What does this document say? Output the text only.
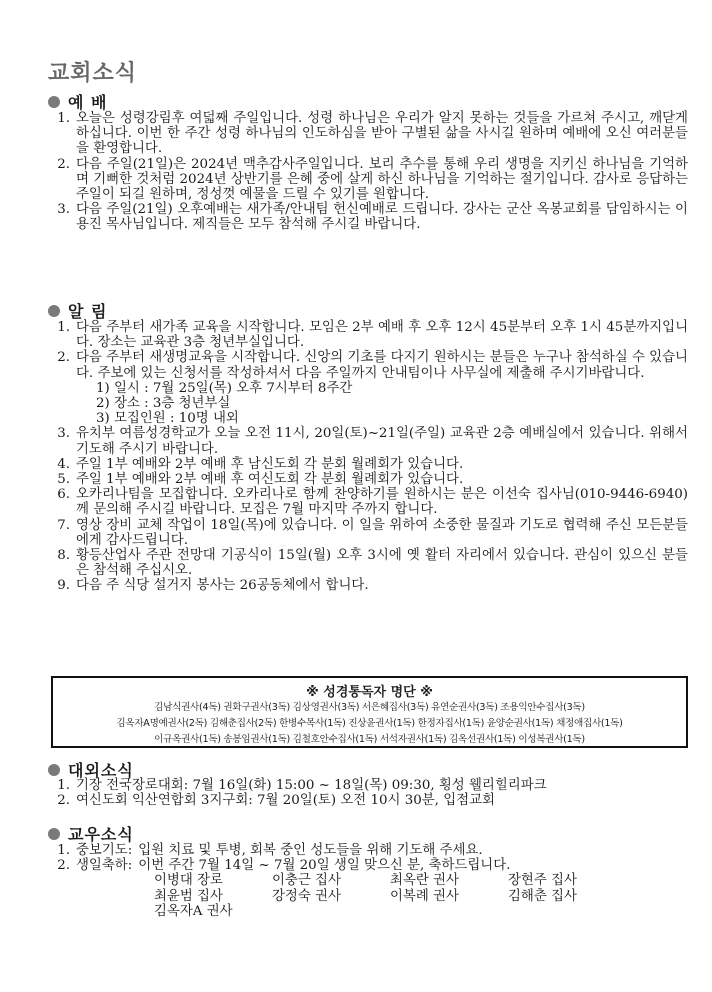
교회소식
예 배
1. 오늘은 성령강림후 여덟째 주일입니다. 성령 하나님은 우리가 알지 못하는 것들을 가르쳐 주시고, 깨닫게 하십니다. 이번 한 주간 성령 하나님의 인도하심을 받아 구별된 삶을 사시길 원하며 예배에 오신 여러분들을 환영합니다.
2. 다음 주일(21일)은 2024년 맥추감사주일입니다. 보리 추수를 통해 우리 생명을 지키신 하나님을 기억하며 기뻐한 것처럼 2024년 상반기를 은혜 중에 살게 하신 하나님을 기억하는 절기입니다. 감사로 응답하는 주일이 되길 원하며, 정성껏 예물을 드릴 수 있기를 원합니다.
3. 다음 주일(21일) 오후예배는 새가족/안내팀 헌신예배로 드립니다. 강사는 군산 옥봉교회를 담임하시는 이용진 목사님입니다. 제직들은 모두 참석해 주시길 바랍니다.
알 림
1. 다음 주부터 새가족 교육을 시작합니다. 모임은 2부 예배 후 오후 12시 45분부터 오후 1시 45분까지입니다. 장소는 교육관 3층 청년부실입니다.
2. 다음 주부터 새생명교육을 시작합니다. 신앙의 기초를 다지기 원하시는 분들은 누구나 참석하실 수 있습니다. 주보에 있는 신청서를 작성하셔서 다음 주일까지 안내팀이나 사무실에 제출해 주시기바랍니다.
1) 일시 : 7월 25일(목) 오후 7시부터 8주간
2) 장소 : 3층 청년부실
3) 모집인원 : 10명 내외
3. 유치부 여름성경학교가 오늘 오전 11시, 20일(토)~21일(주일) 교육관 2층 예배실에서 있습니다. 위해서 기도해 주시기 바랍니다.
4. 주일 1부 예배와 2부 예배 후 남신도회 각 분회 월례회가 있습니다.
5. 주일 1부 예배와 2부 예배 후 여신도회 각 분회 월례회가 있습니다.
6. 오카리나팀을 모집합니다. 오카리나로 함께 찬양하기를 원하시는 분은 이선숙 집사님(010-9446-6940)께 문의해 주시길 바랍니다. 모집은 7월 마지막 주까지 합니다.
7. 영상 장비 교체 작업이 18일(목)에 있습니다. 이 일을 위하여 소중한 물질과 기도로 협력해 주신 모든분들에게 감사드립니다.
8. 황등산업사 주관 전망대 기공식이 15일(월) 오후 3시에 옛 활터 자리에서 있습니다. 관심이 있으신 분들은 참석해 주십시오.
9. 다음 주 식당 설거지 봉사는 26공동체에서 합니다.
※ 성경통독자 명단 ※
김남식권사(4독) 권화구권사(3독) 김상영권사(3독) 서은혜집사(3독) 유연순권사(3독) 조용익안수집사(3독)
김옥자A명예권사(2독) 김해춘집사(2독) 한병수목사(1독) 진상윤권사(1독) 한정자집사(1독) 윤양순권사(1독) 채정애집사(1독)
이규옥권사(1독) 송봉임권사(1독) 김철호안수집사(1독) 서석자권사(1독) 김옥선권사(1독) 이성복권사(1독)
대외소식
1. 기장 전국장로대회: 7월 16일(화) 15:00 ~ 18일(목) 09:30, 횡성 웰리힐리파크
2. 여신도회 익산연합회 3지구회: 7월 20일(토) 오전 10시 30분, 입점교회
교우소식
1. 중보기도: 입원 치료 및 투병, 회복 중인 성도들을 위해 기도해 주세요.
2. 생일축하: 이번 주간 7월 14일 ~ 7월 20일 생일 맞으신 분, 축하드립니다.
이병대 장로	이충근 집사	최옥란 권사	장현주 집사
최윤범 집사	강정숙 권사	이복례 권사	김해춘 집사
김옥자A 권사
